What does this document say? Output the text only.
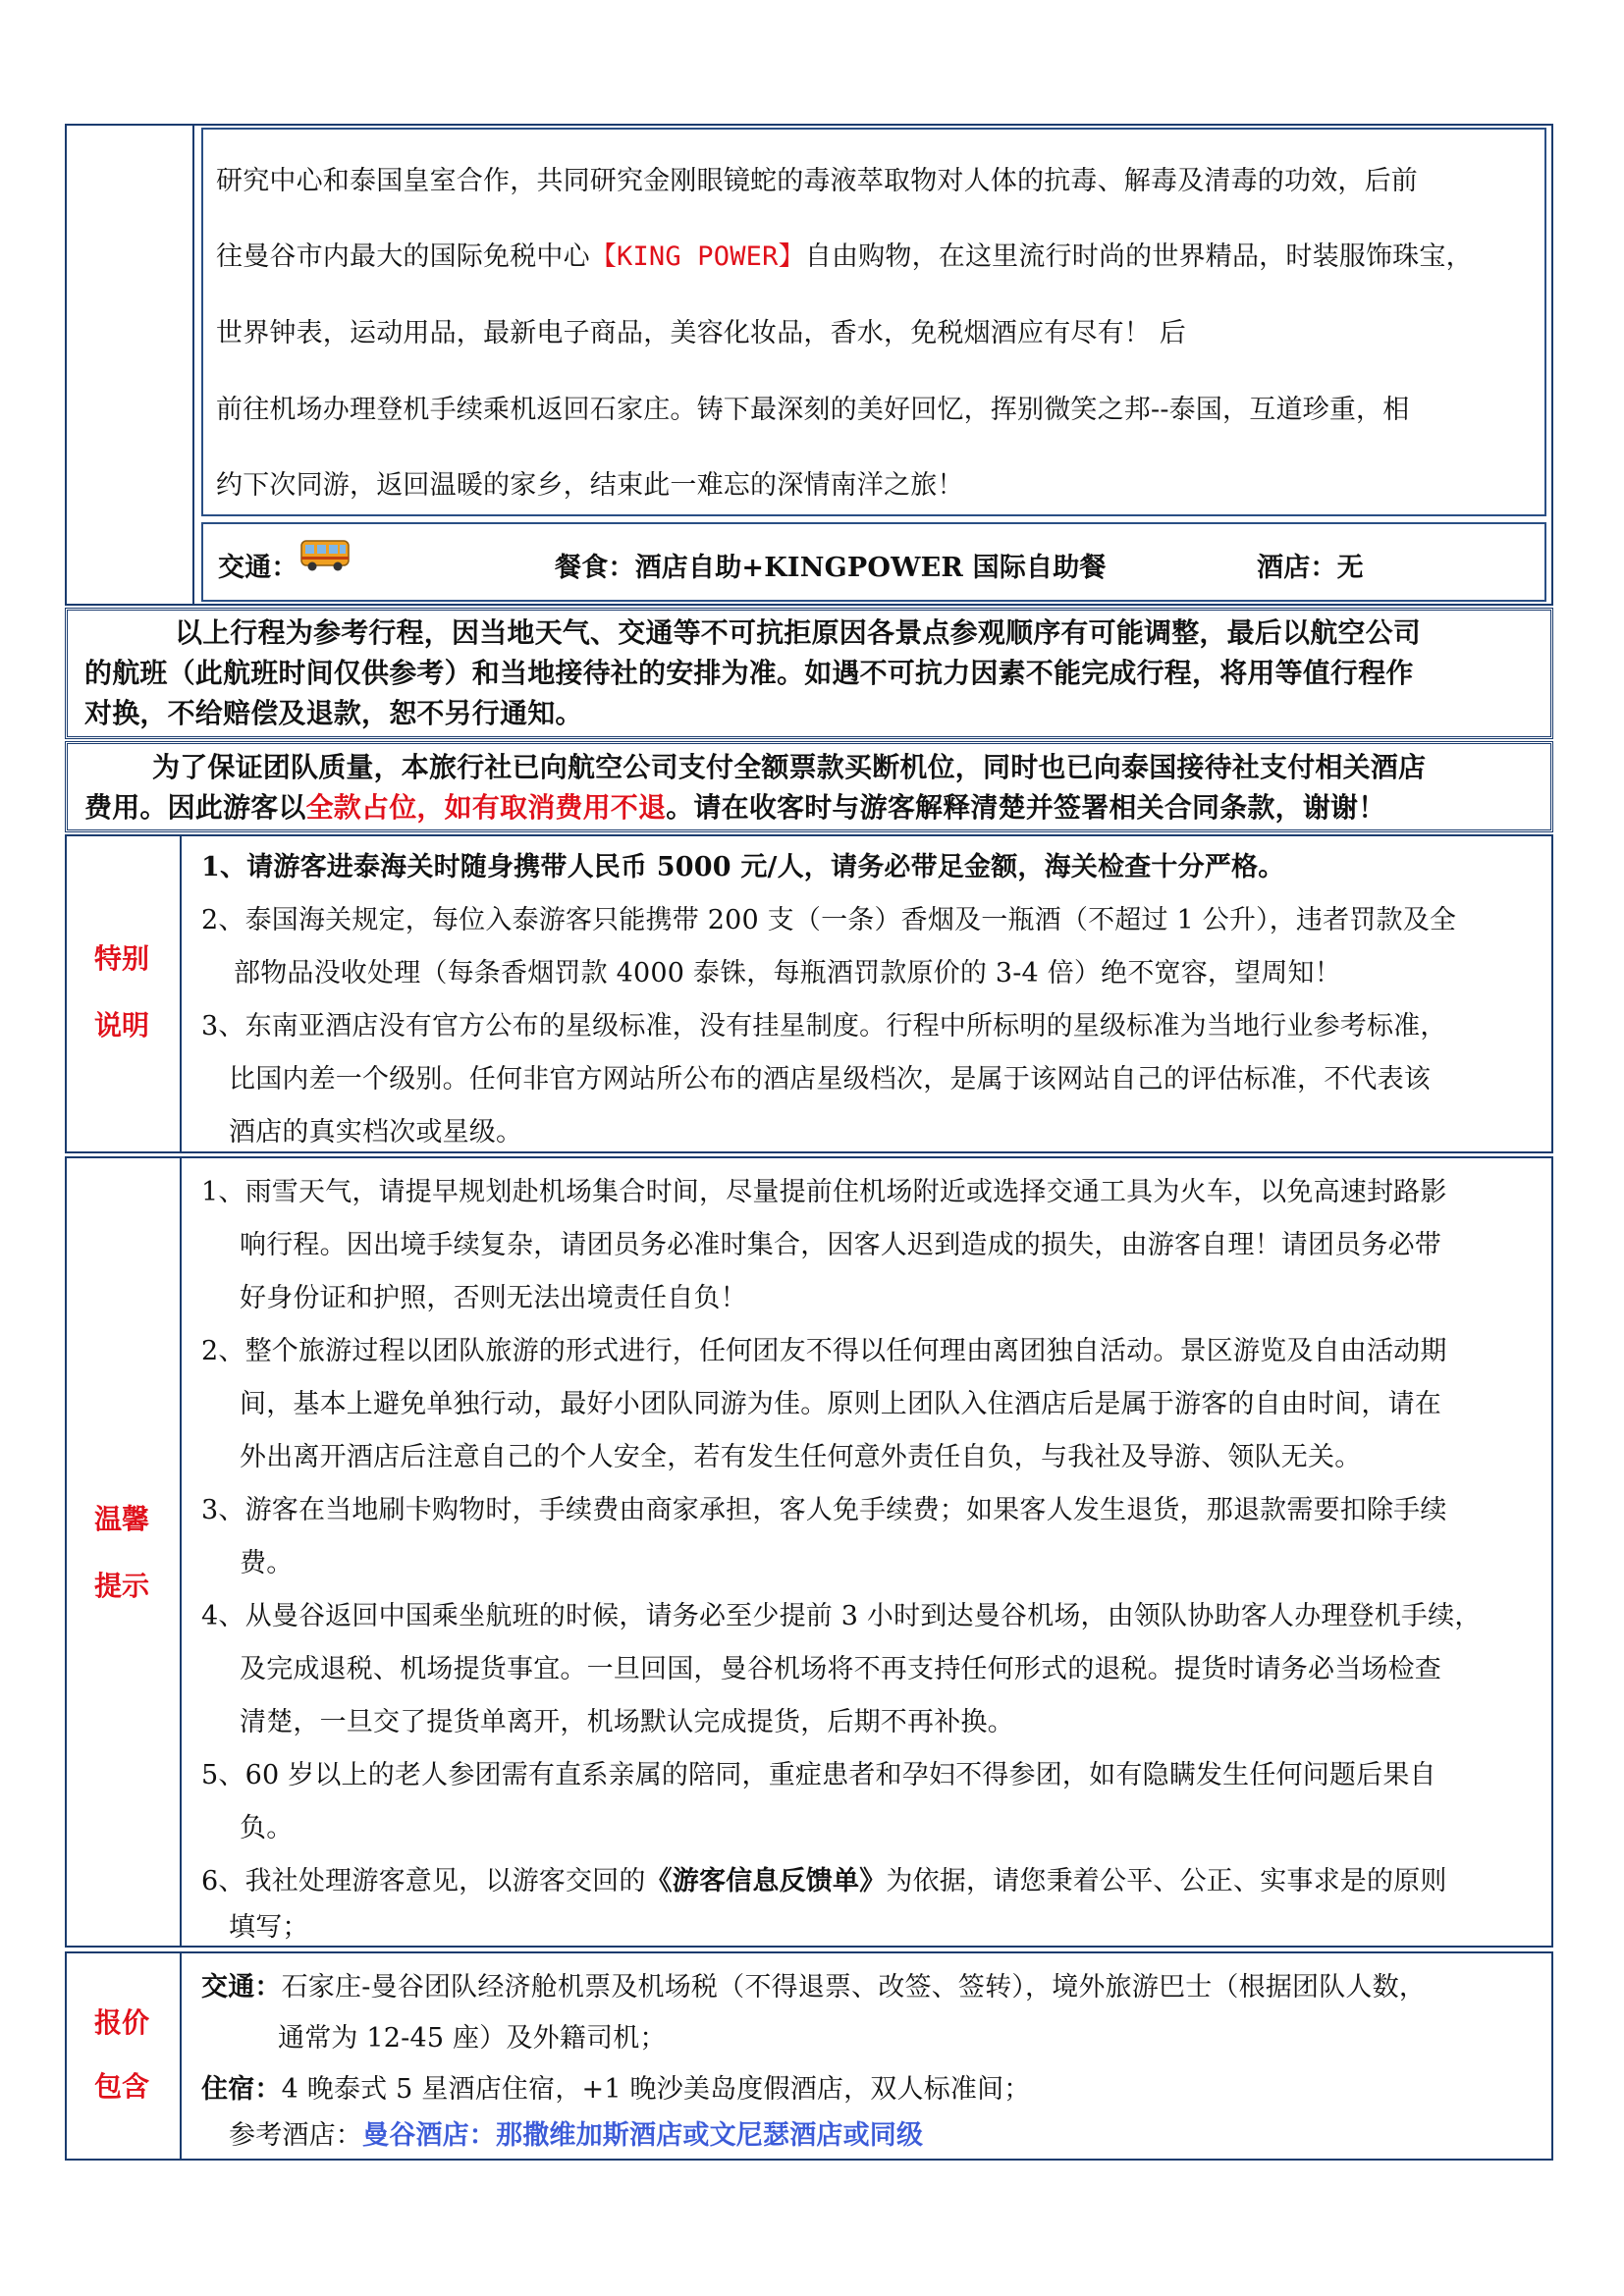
研究中心和泰国皇室合作，共同研究金刚眼镜蛇的毒液萃取物对人体的抗毒、解毒及清毒的功效，后前
往曼谷市内最大的国际免税中心【KING POWER】自由购物，在这里流行时尚的世界精品，时装服饰珠宝，
世界钟表，运动用品，最新电子商品，美容化妆品，香水，免税烟酒应有尽有！ 后
前往机场办理登机手续乘机返回石家庄。铸下最深刻的美好回忆，挥别微笑之邦--泰国，互道珍重，相
约下次同游，返回温暖的家乡，结束此一难忘的深情南洋之旅！
交通：	餐食：酒店自助+KINGPOWER 国际自助餐	酒店：无
以上行程为参考行程，因当地天气、交通等不可抗拒原因各景点参观顺序有可能调整，最后以航空公司
的航班（此航班时间仅供参考）和当地接待社的安排为准。如遇不可抗力因素不能完成行程，将用等值行程作
对换，不给赔偿及退款，恕不另行通知。
为了保证团队质量，本旅行社已向航空公司支付全额票款买断机位，同时也已向泰国接待社支付相关酒店
费用。因此游客以全款占位，如有取消费用不退。请在收客时与游客解释清楚并签署相关合同条款，谢谢！
特别
说明
1、请游客进泰海关时随身携带人民币 5000 元/人，请务必带足金额，海关检查十分严格。
2、泰国海关规定，每位入泰游客只能携带 200 支（一条）香烟及一瓶酒（不超过 1 公升），违者罚款及全
部物品没收处理（每条香烟罚款 4000 泰铢，每瓶酒罚款原价的 3-4 倍）绝不宽容，望周知！
3、东南亚酒店没有官方公布的星级标准，没有挂星制度。行程中所标明的星级标准为当地行业参考标准，
比国内差一个级别。任何非官方网站所公布的酒店星级档次，是属于该网站自己的评估标准，不代表该
酒店的真实档次或星级。
温馨
提示
1、雨雪天气，请提早规划赴机场集合时间，尽量提前住机场附近或选择交通工具为火车，以免高速封路影
响行程。因出境手续复杂，请团员务必准时集合，因客人迟到造成的损失，由游客自理！请团员务必带
好身份证和护照，否则无法出境责任自负！
2、整个旅游过程以团队旅游的形式进行，任何团友不得以任何理由离团独自活动。景区游览及自由活动期
间，基本上避免单独行动，最好小团队同游为佳。原则上团队入住酒店后是属于游客的自由时间，请在
外出离开酒店后注意自己的个人安全，若有发生任何意外责任自负，与我社及导游、领队无关。
3、游客在当地刷卡购物时，手续费由商家承担，客人免手续费；如果客人发生退货，那退款需要扣除手续
费。
4、从曼谷返回中国乘坐航班的时候，请务必至少提前 3 小时到达曼谷机场，由领队协助客人办理登机手续，
及完成退税、机场提货事宜。一旦回国，曼谷机场将不再支持任何形式的退税。提货时请务必当场检查
清楚，一旦交了提货单离开，机场默认完成提货，后期不再补换。
5、60 岁以上的老人参团需有直系亲属的陪同，重症患者和孕妇不得参团，如有隐瞒发生任何问题后果自
负。
6、我社处理游客意见，以游客交回的《游客信息反馈单》为依据，请您秉着公平、公正、实事求是的原则
填写；
报价
包含
交通：石家庄-曼谷团队经济舱机票及机场税（不得退票、改签、签转），境外旅游巴士（根据团队人数，
通常为 12-45 座）及外籍司机；
住宿：4 晚泰式 5 星酒店住宿，+1 晚沙美岛度假酒店，双人标准间；
参考酒店：曼谷酒店：那撒维加斯酒店或文尼瑟酒店或同级
